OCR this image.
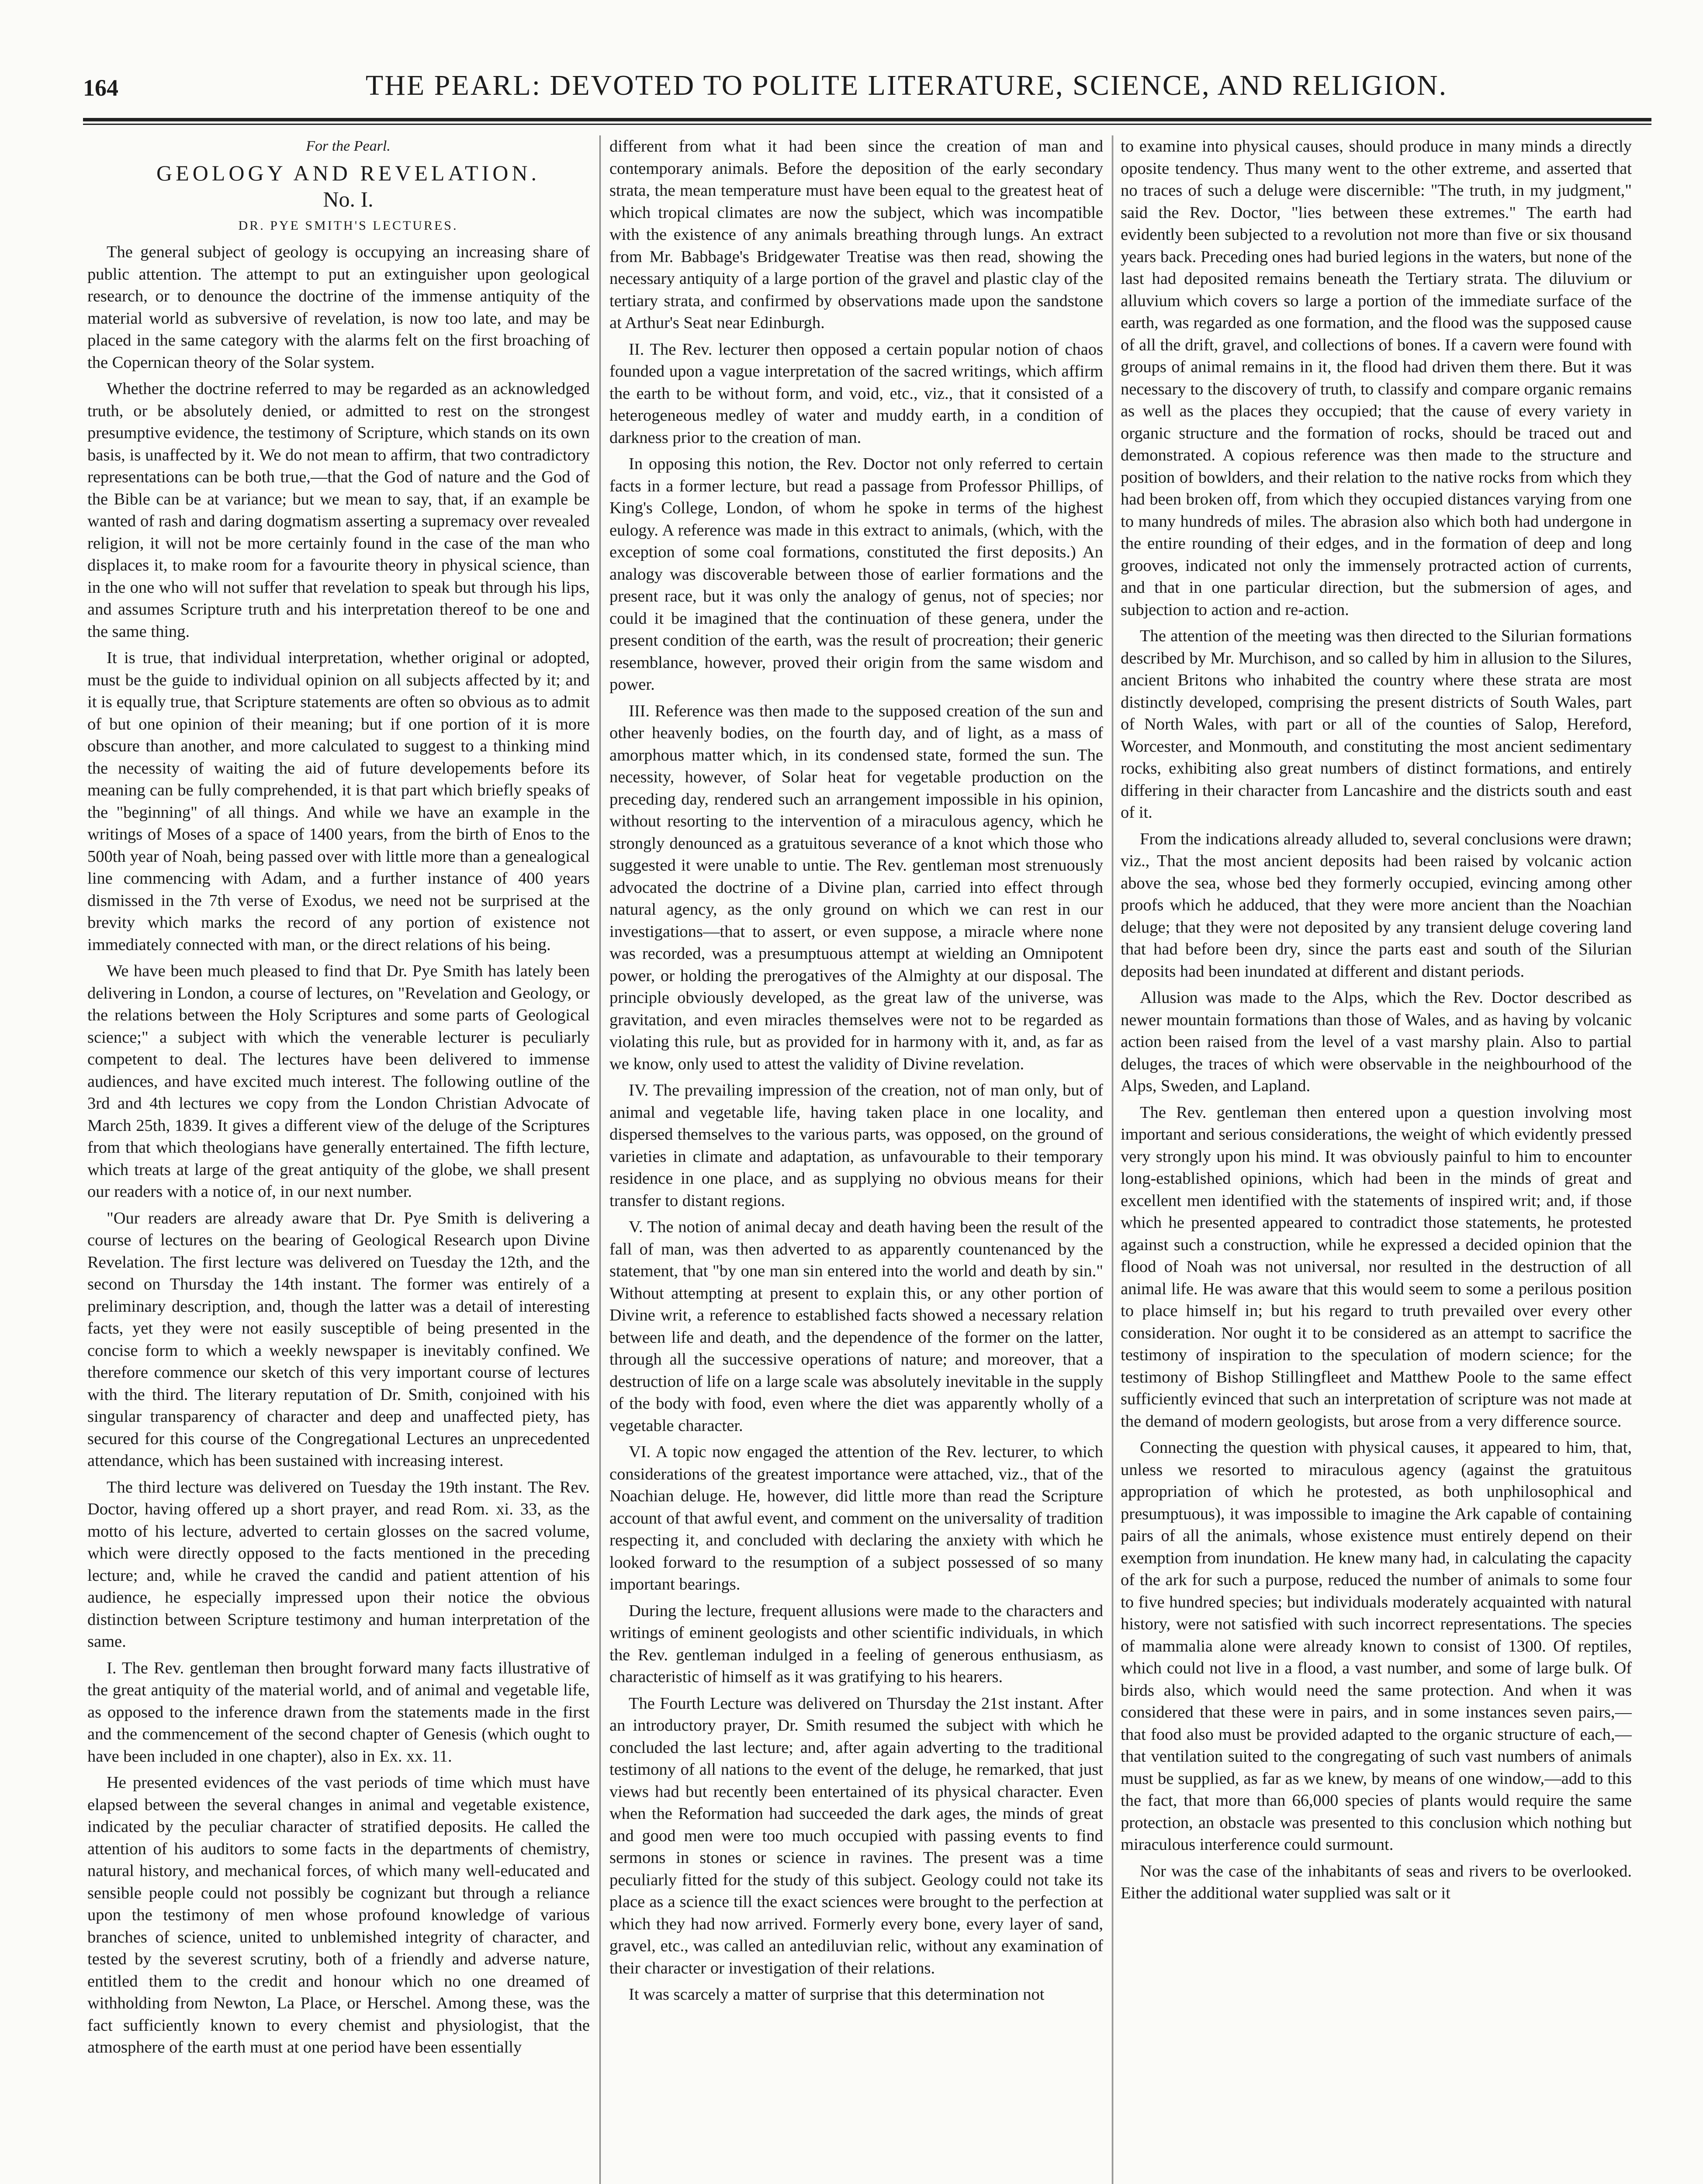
164	THE PEARL: DEVOTED TO POLITE LITERATURE, SCIENCE, AND RELIGION.

For the Pearl.

GEOLOGY AND REVELATION.

No. I.

DR. PYE SMITH'S LECTURES.

The general subject of geology is occupying an increasing share of public attention. The attempt to put an extinguisher upon geological research, or to denounce the doctrine of the immense antiquity of the material world as subversive of revelation, is now too late, and may be placed in the same category with the alarms felt on the first broaching of the Copernican theory of the Solar system.

Whether the doctrine referred to may be regarded as an acknowledged truth, or be absolutely denied, or admitted to rest on the strongest presumptive evidence, the testimony of Scripture, which stands on its own basis, is unaffected by it. We do not mean to affirm, that two contradictory representations can be both true,—that the God of nature and the God of the Bible can be at variance; but we mean to say, that, if an example be wanted of rash and daring dogmatism asserting a supremacy over revealed religion, it will not be more certainly found in the case of the man who displaces it, to make room for a favourite theory in physical science, than in the one who will not suffer that revelation to speak but through his lips, and assumes Scripture truth and his interpretation thereof to be one and the same thing.

It is true, that individual interpretation, whether original or adopted, must be the guide to individual opinion on all subjects affected by it; and it is equally true, that Scripture statements are often so obvious as to admit of but one opinion of their meaning; but if one portion of it is more obscure than another, and more calculated to suggest to a thinking mind the necessity of waiting the aid of future developements before its meaning can be fully comprehended, it is that part which briefly speaks of the "beginning" of all things. And while we have an example in the writings of Moses of a space of 1400 years, from the birth of Enos to the 500th year of Noah, being passed over with little more than a genealogical line commencing with Adam, and a further instance of 400 years dismissed in the 7th verse of Exodus, we need not be surprised at the brevity which marks the record of any portion of existence not immediately connected with man, or the direct relations of his being.

We have been much pleased to find that Dr. Pye Smith has lately been delivering in London, a course of lectures, on "Revelation and Geology, or the relations between the Holy Scriptures and some parts of Geological science;" a subject with which the venerable lecturer is peculiarly competent to deal. The lectures have been delivered to immense audiences, and have excited much interest. The following outline of the 3rd and 4th lectures we copy from the London Christian Advocate of March 25th, 1839. It gives a different view of the deluge of the Scriptures from that which theologians have generally entertained. The fifth lecture, which treats at large of the great antiquity of the globe, we shall present our readers with a notice of, in our next number.

"Our readers are already aware that Dr. Pye Smith is delivering a course of lectures on the bearing of Geological Research upon Divine Revelation. The first lecture was delivered on Tuesday the 12th, and the second on Thursday the 14th instant. The former was entirely of a preliminary description, and, though the latter was a detail of interesting facts, yet they were not easily susceptible of being presented in the concise form to which a weekly newspaper is inevitably confined. We therefore commence our sketch of this very important course of lectures with the third. The literary reputation of Dr. Smith, conjoined with his singular transparency of character and deep and unaffected piety, has secured for this course of the Congregational Lectures an unprecedented attendance, which has been sustained with increasing interest.

The third lecture was delivered on Tuesday the 19th instant. The Rev. Doctor, having offered up a short prayer, and read Rom. xi. 33, as the motto of his lecture, adverted to certain glosses on the sacred volume, which were directly opposed to the facts mentioned in the preceding lecture; and, while he craved the candid and patient attention of his audience, he especially impressed upon their notice the obvious distinction between Scripture testimony and human interpretation of the same.

I. The Rev. gentleman then brought forward many facts illustrative of the great antiquity of the material world, and of animal and vegetable life, as opposed to the inference drawn from the statements made in the first and the commencement of the second chapter of Genesis (which ought to have been included in one chapter), also in Ex. xx. 11.

He presented evidences of the vast periods of time which must have elapsed between the several changes in animal and vegetable existence, indicated by the peculiar character of stratified deposits. He called the attention of his auditors to some facts in the departments of chemistry, natural history, and mechanical forces, of which many well-educated and sensible people could not possibly be cognizant but through a reliance upon the testimony of men whose profound knowledge of various branches of science, united to unblemished integrity of character, and tested by the severest scrutiny, both of a friendly and adverse nature, entitled them to the credit and honour which no one dreamed of withholding from Newton, La Place, or Herschel. Among these, was the fact sufficiently known to every chemist and physiologist, that the atmosphere of the earth must at one period have been essentially

different from what it had been since the creation of man and contemporary animals. Before the deposition of the early secondary strata, the mean temperature must have been equal to the greatest heat of which tropical climates are now the subject, which was incompatible with the existence of any animals breathing through lungs. An extract from Mr. Babbage's Bridgewater Treatise was then read, showing the necessary antiquity of a large portion of the gravel and plastic clay of the tertiary strata, and confirmed by observations made upon the sandstone at Arthur's Seat near Edinburgh.

II. The Rev. lecturer then opposed a certain popular notion of chaos founded upon a vague interpretation of the sacred writings, which affirm the earth to be without form, and void, etc., viz., that it consisted of a heterogeneous medley of water and muddy earth, in a condition of darkness prior to the creation of man.

In opposing this notion, the Rev. Doctor not only referred to certain facts in a former lecture, but read a passage from Professor Phillips, of King's College, London, of whom he spoke in terms of the highest eulogy. A reference was made in this extract to animals, (which, with the exception of some coal formations, constituted the first deposits.) An analogy was discoverable between those of earlier formations and the present race, but it was only the analogy of genus, not of species; nor could it be imagined that the continuation of these genera, under the present condition of the earth, was the result of procreation; their generic resemblance, however, proved their origin from the same wisdom and power.

III. Reference was then made to the supposed creation of the sun and other heavenly bodies, on the fourth day, and of light, as a mass of amorphous matter which, in its condensed state, formed the sun. The necessity, however, of Solar heat for vegetable production on the preceding day, rendered such an arrangement impossible in his opinion, without resorting to the intervention of a miraculous agency, which he strongly denounced as a gratuitous severance of a knot which those who suggested it were unable to untie. The Rev. gentleman most strenuously advocated the doctrine of a Divine plan, carried into effect through natural agency, as the only ground on which we can rest in our investigations—that to assert, or even suppose, a miracle where none was recorded, was a presumptuous attempt at wielding an Omnipotent power, or holding the prerogatives of the Almighty at our disposal. The principle obviously developed, as the great law of the universe, was gravitation, and even miracles themselves were not to be regarded as violating this rule, but as provided for in harmony with it, and, as far as we know, only used to attest the validity of Divine revelation.

IV. The prevailing impression of the creation, not of man only, but of animal and vegetable life, having taken place in one locality, and dispersed themselves to the various parts, was opposed, on the ground of varieties in climate and adaptation, as unfavourable to their temporary residence in one place, and as supplying no obvious means for their transfer to distant regions.

V. The notion of animal decay and death having been the result of the fall of man, was then adverted to as apparently countenanced by the statement, that "by one man sin entered into the world and death by sin." Without attempting at present to explain this, or any other portion of Divine writ, a reference to established facts showed a necessary relation between life and death, and the dependence of the former on the latter, through all the successive operations of nature; and moreover, that a destruction of life on a large scale was absolutely inevitable in the supply of the body with food, even where the diet was apparently wholly of a vegetable character.

VI. A topic now engaged the attention of the Rev. lecturer, to which considerations of the greatest importance were attached, viz., that of the Noachian deluge. He, however, did little more than read the Scripture account of that awful event, and comment on the universality of tradition respecting it, and concluded with declaring the anxiety with which he looked forward to the resumption of a subject possessed of so many important bearings.

During the lecture, frequent allusions were made to the characters and writings of eminent geologists and other scientific individuals, in which the Rev. gentleman indulged in a feeling of generous enthusiasm, as characteristic of himself as it was gratifying to his hearers.

The Fourth Lecture was delivered on Thursday the 21st instant. After an introductory prayer, Dr. Smith resumed the subject with which he concluded the last lecture; and, after again adverting to the traditional testimony of all nations to the event of the deluge, he remarked, that just views had but recently been entertained of its physical character. Even when the Reformation had succeeded the dark ages, the minds of great and good men were too much occupied with passing events to find sermons in stones or science in ravines. The present was a time peculiarly fitted for the study of this subject. Geology could not take its place as a science till the exact sciences were brought to the perfection at which they had now arrived. Formerly every bone, every layer of sand, gravel, etc., was called an antediluvian relic, without any examination of their character or investigation of their relations.

It was scarcely a matter of surprise that this determination not

to examine into physical causes, should produce in many minds a directly oposite tendency. Thus many went to the other extreme, and asserted that no traces of such a deluge were discernible: "The truth, in my judgment," said the Rev. Doctor, "lies between these extremes." The earth had evidently been subjected to a revolution not more than five or six thousand years back. Preceding ones had buried legions in the waters, but none of the last had deposited remains beneath the Tertiary strata. The diluvium or alluvium which covers so large a portion of the immediate surface of the earth, was regarded as one formation, and the flood was the supposed cause of all the drift, gravel, and collections of bones. If a cavern were found with groups of animal remains in it, the flood had driven them there. But it was necessary to the discovery of truth, to classify and compare organic remains as well as the places they occupied; that the cause of every variety in organic structure and the formation of rocks, should be traced out and demonstrated. A copious reference was then made to the structure and position of bowlders, and their relation to the native rocks from which they had been broken off, from which they occupied distances varying from one to many hundreds of miles. The abrasion also which both had undergone in the entire rounding of their edges, and in the formation of deep and long grooves, indicated not only the immensely protracted action of currents, and that in one particular direction, but the submersion of ages, and subjection to action and re-action.

The attention of the meeting was then directed to the Silurian formations described by Mr. Murchison, and so called by him in allusion to the Silures, ancient Britons who inhabited the country where these strata are most distinctly developed, comprising the present districts of South Wales, part of North Wales, with part or all of the counties of Salop, Hereford, Worcester, and Monmouth, and constituting the most ancient sedimentary rocks, exhibiting also great numbers of distinct formations, and entirely differing in their character from Lancashire and the districts south and east of it.

From the indications already alluded to, several conclusions were drawn; viz., That the most ancient deposits had been raised by volcanic action above the sea, whose bed they formerly occupied, evincing among other proofs which he adduced, that they were more ancient than the Noachian deluge; that they were not deposited by any transient deluge covering land that had before been dry, since the parts east and south of the Silurian deposits had been inundated at different and distant periods.

Allusion was made to the Alps, which the Rev. Doctor described as newer mountain formations than those of Wales, and as having by volcanic action been raised from the level of a vast marshy plain. Also to partial deluges, the traces of which were observable in the neighbourhood of the Alps, Sweden, and Lapland.

The Rev. gentleman then entered upon a question involving most important and serious considerations, the weight of which evidently pressed very strongly upon his mind. It was obviously painful to him to encounter long-established opinions, which had been in the minds of great and excellent men identified with the statements of inspired writ; and, if those which he presented appeared to contradict those statements, he protested against such a construction, while he expressed a decided opinion that the flood of Noah was not universal, nor resulted in the destruction of all animal life. He was aware that this would seem to some a perilous position to place himself in; but his regard to truth prevailed over every other consideration. Nor ought it to be considered as an attempt to sacrifice the testimony of inspiration to the speculation of modern science; for the testimony of Bishop Stillingfleet and Matthew Poole to the same effect sufficiently evinced that such an interpretation of scripture was not made at the demand of modern geologists, but arose from a very difference source.

Connecting the question with physical causes, it appeared to him, that, unless we resorted to miraculous agency (against the gratuitous appropriation of which he protested, as both unphilosophical and presumptuous), it was impossible to imagine the Ark capable of containing pairs of all the animals, whose existence must entirely depend on their exemption from inundation. He knew many had, in calculating the capacity of the ark for such a purpose, reduced the number of animals to some four to five hundred species; but individuals moderately acquainted with natural history, were not satisfied with such incorrect representations. The species of mammalia alone were already known to consist of 1300. Of reptiles, which could not live in a flood, a vast number, and some of large bulk. Of birds also, which would need the same protection. And when it was considered that these were in pairs, and in some instances seven pairs,—that food also must be provided adapted to the organic structure of each,—that ventilation suited to the congregating of such vast numbers of animals must be supplied, as far as we knew, by means of one window,—add to this the fact, that more than 66,000 species of plants would require the same protection, an obstacle was presented to this conclusion which nothing but miraculous interference could surmount.

Nor was the case of the inhabitants of seas and rivers to be overlooked. Either the additional water supplied was salt or it
